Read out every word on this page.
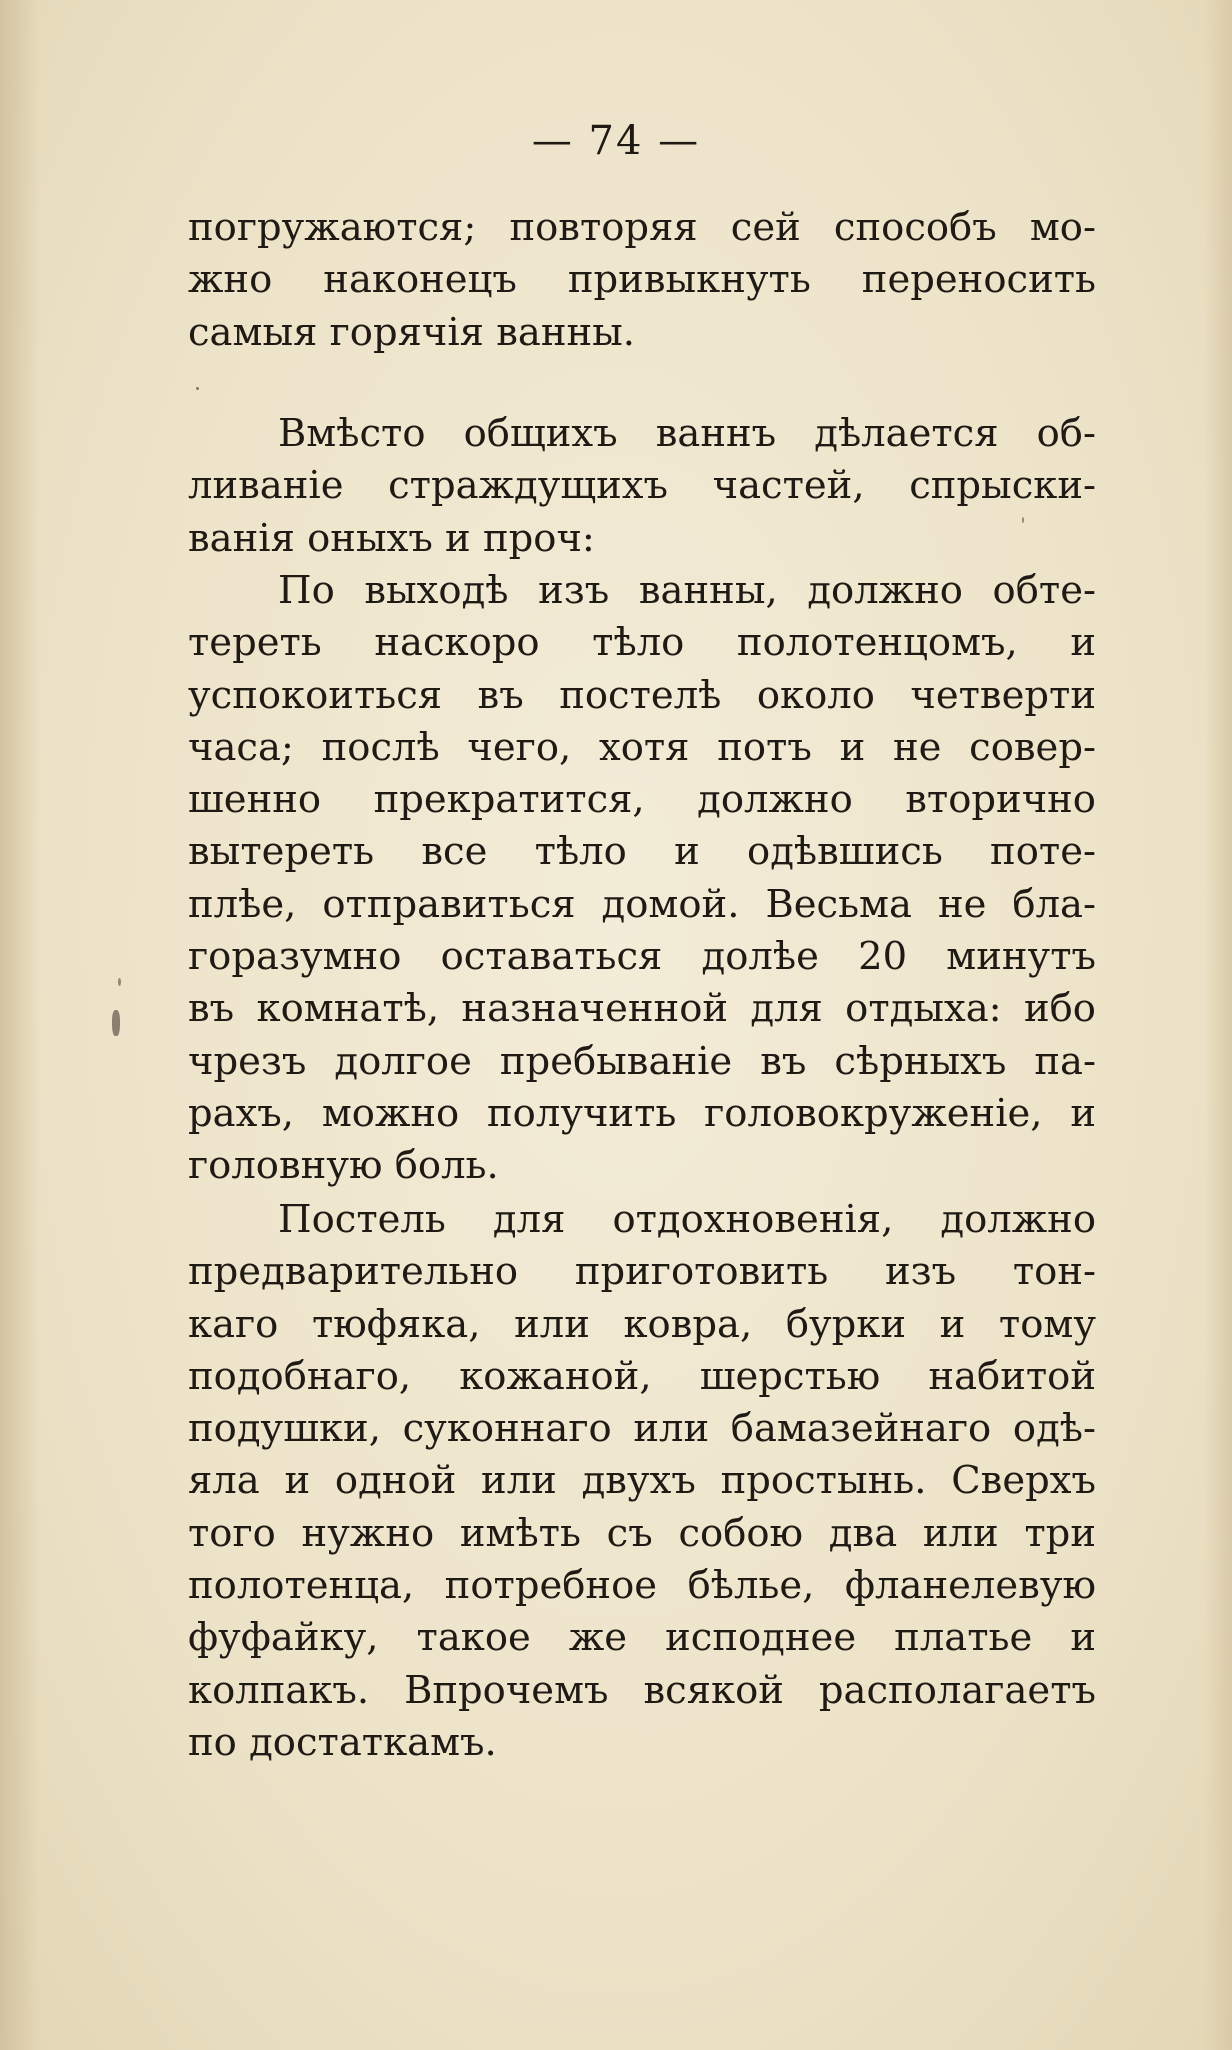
— 74 —
погружаются; повторяя сей способъ мо-
жно наконецъ привыкнуть переносить
самыя горячія ванны.
Вмѣсто общихъ ваннъ дѣлается об-
ливаніе страждущихъ частей, спрыски-
ванія оныхъ и проч:
По выходѣ изъ ванны, должно обте-
тереть наскоро тѣло полотенцомъ, и
успокоиться въ постелѣ около четверти
часа; послѣ чего, хотя потъ и не совер-
шенно прекратится, должно вторично
вытереть все тѣло и одѣвшись поте-
плѣе, отправиться домой. Весьма не бла-
горазумно оставаться долѣе 20 минутъ
въ комнатѣ, назначенной для отдыха: ибо
чрезъ долгое пребываніе въ сѣрныхъ па-
рахъ, можно получить головокруженіе, и
головную боль.
Постель для отдохновенія, должно
предварительно приготовить изъ тон-
каго тюфяка, или ковра, бурки и тому
подобнаго, кожаной, шерстью набитой
подушки, суконнаго или бамазейнаго одѣ-
яла и одной или двухъ простынь. Сверхъ
того нужно имѣть съ собою два или три
полотенца, потребное бѣлье, фланелевую
фуфайку, такое же исподнее платье и
колпакъ. Впрочемъ всякой располагаетъ
по достаткамъ.
